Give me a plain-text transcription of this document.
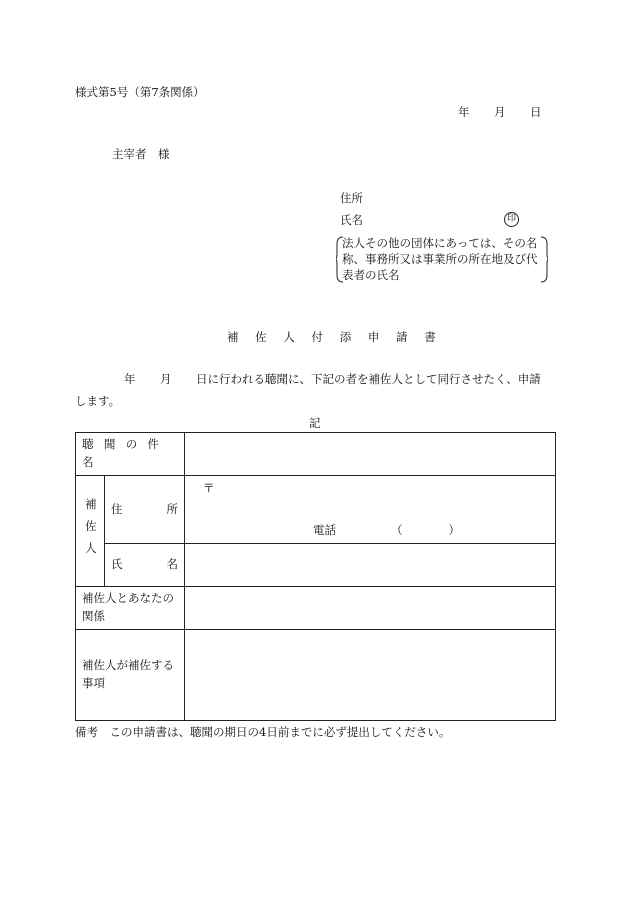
様式第5号（第7条関係）
年 月 日
主宰者　様
住所
氏名	印
法人その他の団体にあっては、その名称、事務所又は事業所の所在地及び代表者の氏名
補佐人付添申請書
年 月 日に行われる聴聞に、下記の者を補佐人として同行させたく、申請
します。
記
聴聞の件名		

補佐人	住所	〒
電話 （　　　　）

	氏名	
補佐人とあなたの関係		
補佐人が補佐する事項		
備考　この申請書は、聴聞の期日の4日前までに必ず提出してください。
